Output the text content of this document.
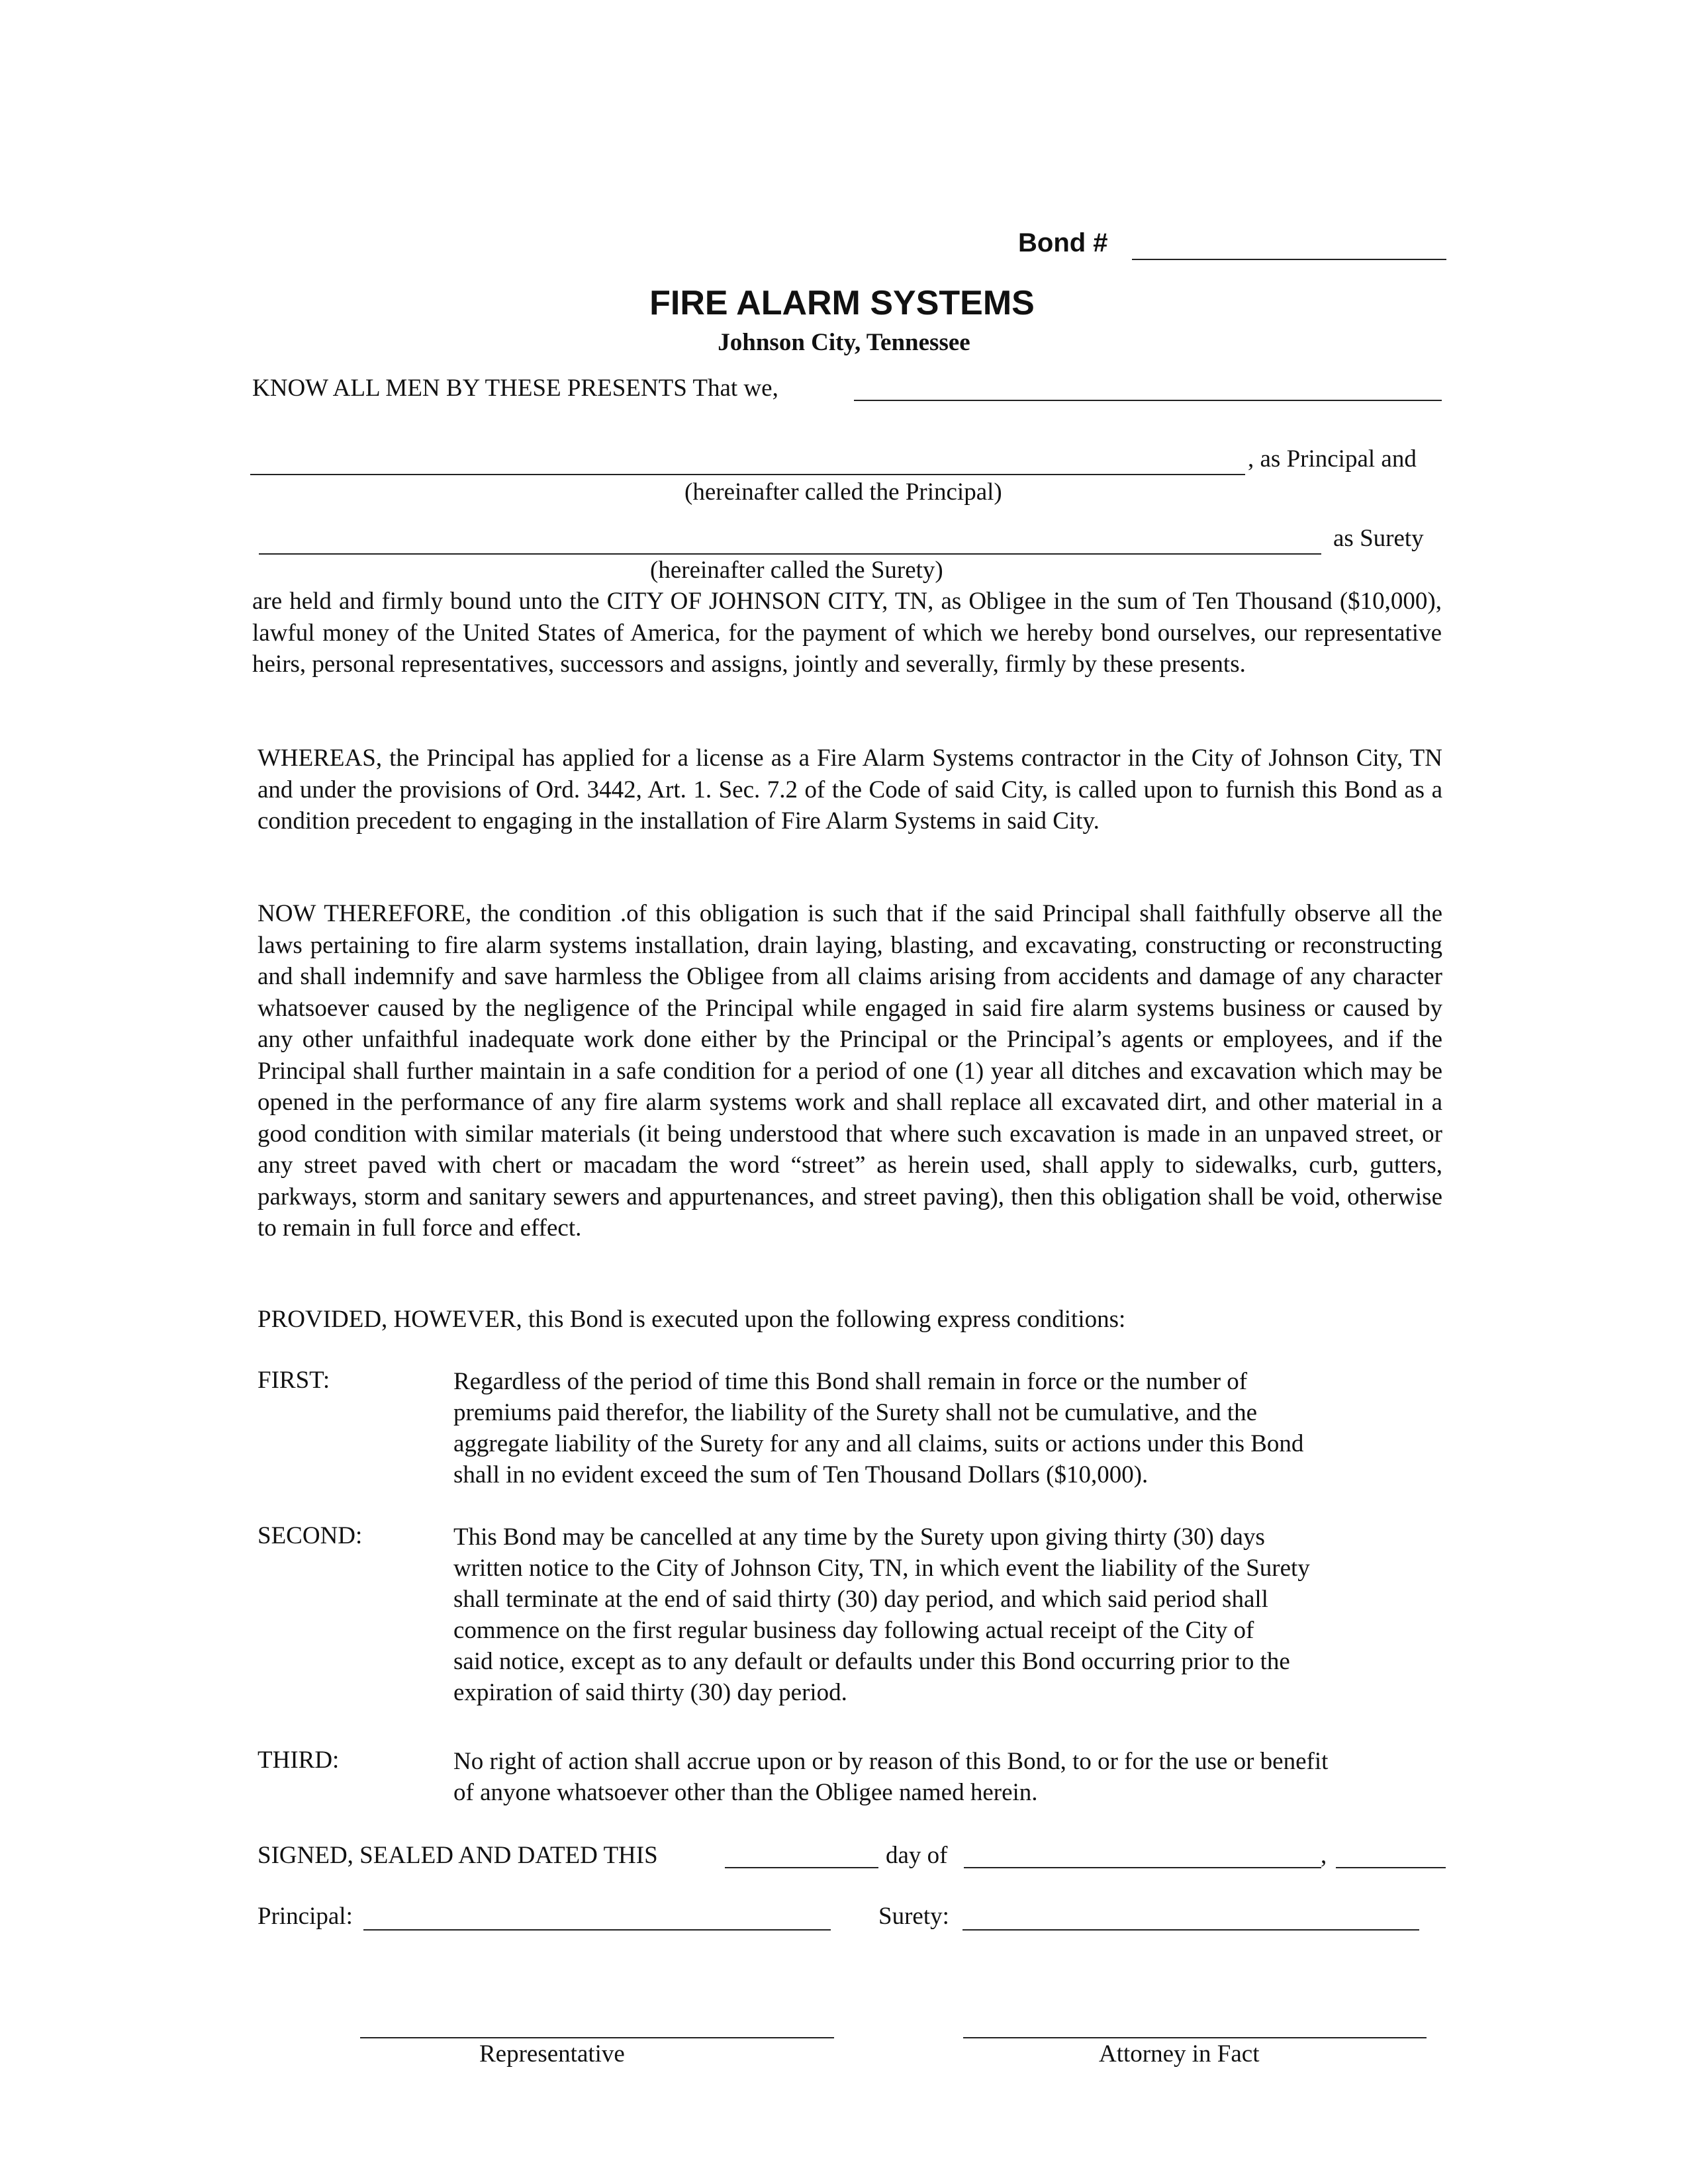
Bond #
FIRE ALARM SYSTEMS
Johnson City, Tennessee
KNOW ALL MEN BY THESE PRESENTS That we,
, as Principal and
(hereinafter called the Principal)
as Surety
(hereinafter called the Surety)

are held and firmly bound unto the CITY OF JOHNSON CITY, TN, as Obligee in the sum of Ten Thousand ($10,000), lawful money of the United States of America, for the payment of which we hereby bond ourselves, our representative heirs, personal representatives, successors and assigns, jointly and severally, firmly by these presents.

WHEREAS, the Principal has applied for a license as a Fire Alarm Systems contractor in the City of Johnson City, TN and under the provisions of Ord. 3442, Art. 1. Sec. 7.2 of the Code of said City, is called upon to furnish this Bond as a condition precedent to engaging in the installation of Fire Alarm Systems in said City.

NOW THEREFORE, the condition .of this obligation is such that if the said Principal shall faithfully observe all the laws pertaining to fire alarm systems installation, drain laying, blasting, and excavating, constructing or reconstructing and shall indemnify and save harmless the Obligee from all claims arising from accidents and damage of any character whatsoever caused by the negligence of the Principal while engaged in said fire alarm systems business or caused by any other unfaithful inadequate work done either by the Principal or the Principal’s agents or employees, and if the Principal shall further maintain in a safe condition for a period of one (1) year all ditches and excavation which may be opened in the performance of any fire alarm systems work and shall replace all excavated dirt, and other material in a good condition with similar materials (it being understood that where such excavation is made in an unpaved street, or any street paved with chert or macadam the word “street” as herein used, shall apply to sidewalks, curb, gutters, parkways, storm and sanitary sewers and appurtenances, and street paving), then this obligation shall be void, otherwise to remain in full force and effect.

PROVIDED, HOWEVER, this Bond is executed upon the following express conditions:

FIRST:	Regardless of the period of time this Bond shall remain in force or the number of
premiums paid therefor, the liability of the Surety shall not be cumulative, and the
aggregate liability of the Surety for any and all claims, suits or actions under this Bond
shall in no evident exceed the sum of Ten Thousand Dollars ($10,000).
SECOND:	This Bond may be cancelled at any time by the Surety upon giving thirty (30) days
written notice to the City of Johnson City, TN, in which event the liability of the Surety
shall terminate at the end of said thirty (30) day period, and which said period shall
commence on the first regular business day following actual receipt of the City of
said notice, except as to any default or defaults under this Bond occurring prior to the
expiration of said thirty (30) day period.
THIRD:	No right of action shall accrue upon or by reason of this Bond, to or for the use or benefit
of anyone whatsoever other than the Obligee named herein.
SIGNED, SEALED AND DATED THIS	day of	,
Principal:	Surety:
Representative	Attorney in Fact
